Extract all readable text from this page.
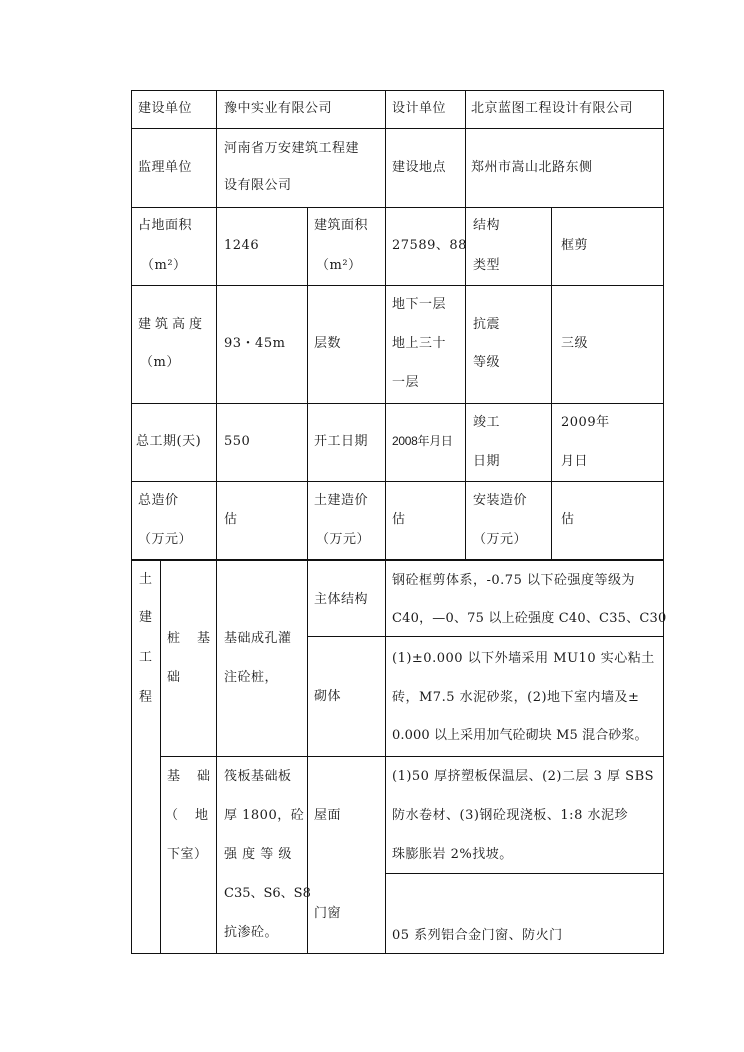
建设单位 豫中实业有限公司	设计单位 北京蓝图工程设计有限公司
监理单位
河南省万安建筑工程建
设有限公司
建设地点 郑州市嵩山北路东侧
占地面积
（m²）
1246
建筑面积
（m²）
27589、88
结构
类型
框剪
建筑高度
（m）
93・45m 层数
地下一层
地上三十
一层
抗震
等级
三级
总工期(天) 550	开工日期 2008年月日
竣工
日期
2009年
月日
总造价
（万元）
估
土建造价
（万元）
估
安装造价
（万元）
估
土
建
工
程
桩　基
础
基础成孔灌
注砼桩，
主体结构
钢砼框剪体系，-0.75 以下砼强度等级为
C40，—0、75 以上砼强度 C40、C35、C30
砌体
(1)±0.000 以下外墙采用 MU10 实心粘土
砖，M7.5 水泥砂浆，(2)地下室内墙及±
0.000 以上采用加气砼砌块 M5 混合砂浆。
基　础
（　地
下室）
筏板基础板
厚 1800，砼
强 度 等 级
C35、S6、S8
抗渗砼。
屋面
(1)50 厚挤塑板保温层、(2)二层 3 厚 SBS
防水卷材、(3)钢砼现浇板、1:8 水泥珍
珠膨胀岩 2%找坡。
门窗
05 系列铝合金门窗、防火门
